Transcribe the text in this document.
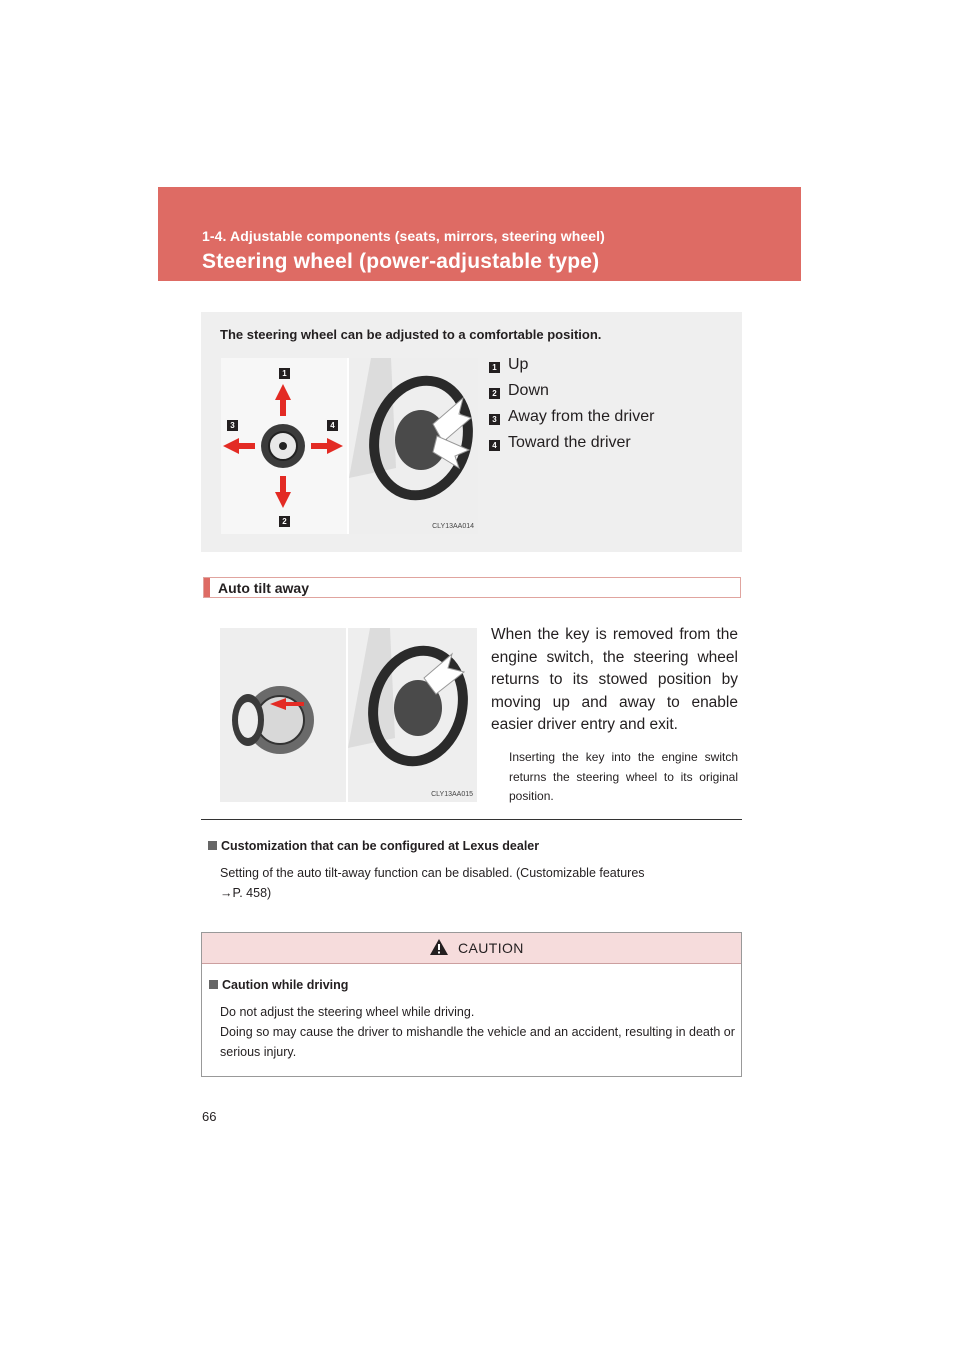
1-4. Adjustable components (seats, mirrors, steering wheel)
Steering wheel (power-adjustable type)
The steering wheel can be adjusted to a comfortable position.
1
2
3	4
CLY13AA014
1 Up
2 Down
3 Away from the driver
4 Toward the driver
Auto tilt away
CLY13AA015
When the key is removed from the engine switch, the steering wheel returns to its stowed position by moving up and away to enable easier driver entry and exit.
Inserting the key into the engine switch returns the steering wheel to its original position.
Customization that can be configured at Lexus dealer
Setting of the auto tilt-away function can be disabled. (Customizable features
→P. 458)
CAUTION
Caution while driving
Do not adjust the steering wheel while driving.
Doing so may cause the driver to mishandle the vehicle and an accident, resulting in death or serious injury.
66
